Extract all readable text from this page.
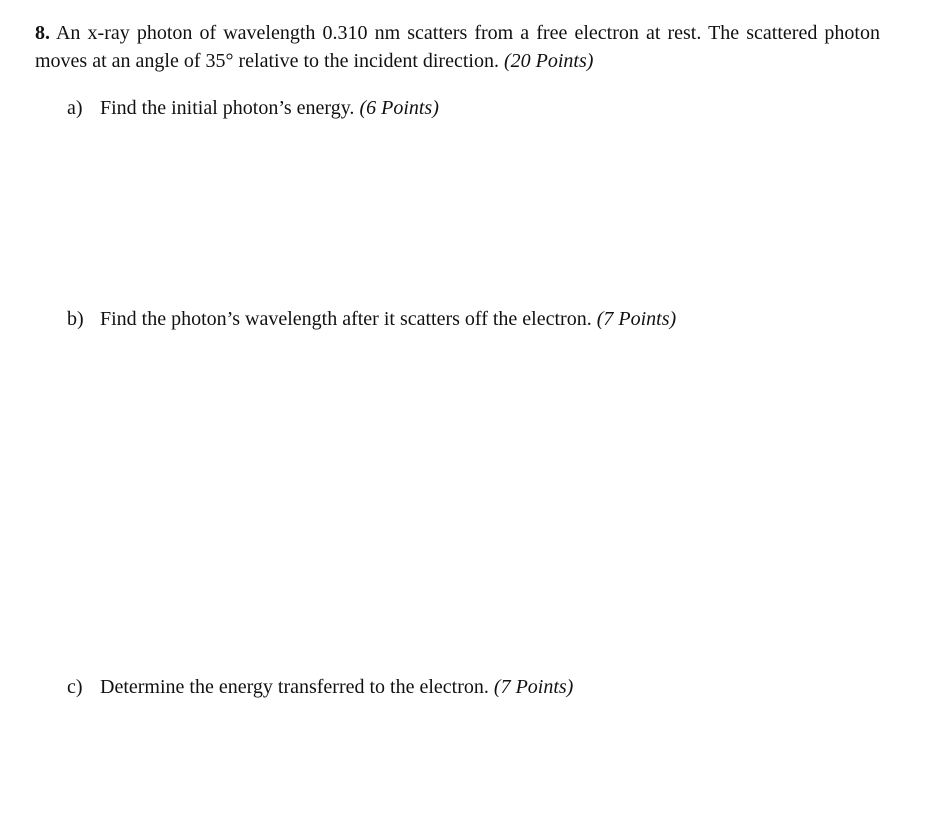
8. An x-ray photon of wavelength 0.310 nm scatters from a free electron at rest. The scattered photon moves at an angle of 35° relative to the incident direction. (20 Points)
a) Find the initial photon’s energy. (6 Points)
b) Find the photon’s wavelength after it scatters off the electron. (7 Points)
c) Determine the energy transferred to the electron. (7 Points)
